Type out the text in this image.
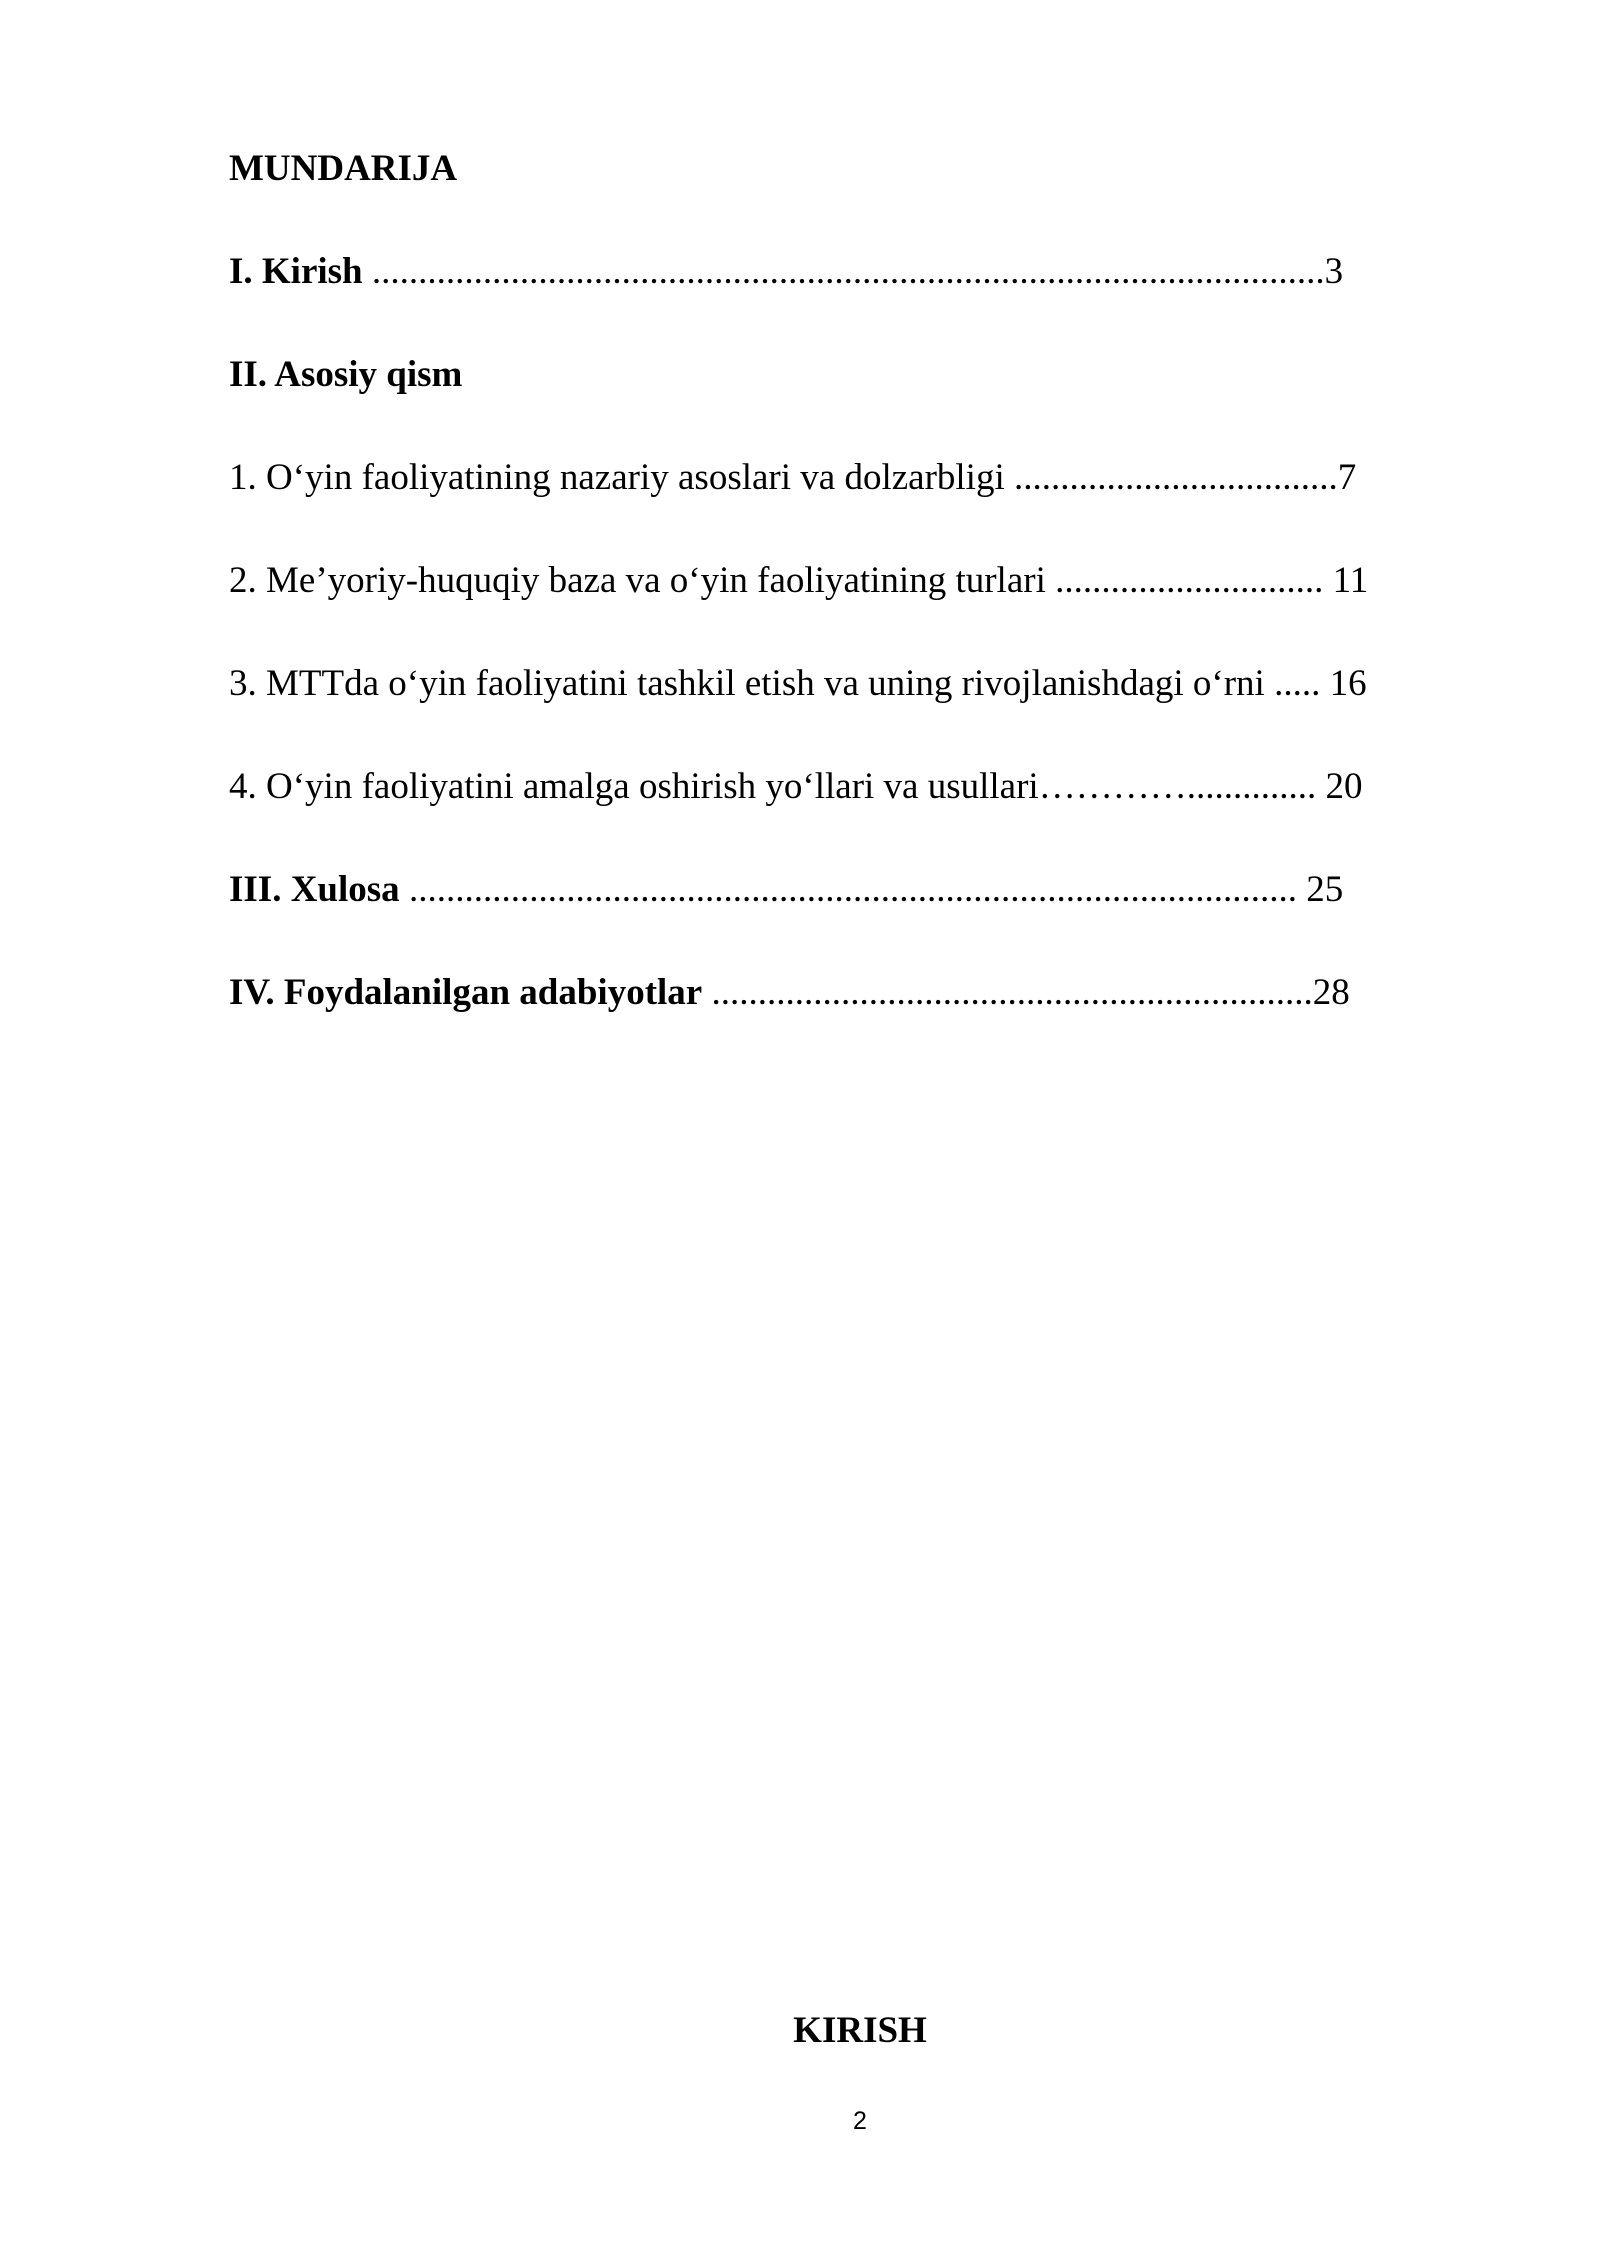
MUNDARIJA
I. Kirish .......................................................................................................3
II. Asosiy qism
1. O‘yin faoliyatining nazariy asoslari va dolzarbligi ...................................7
2. Me’yoriy-huquqiy baza va o‘yin faoliyatining turlari ............................. 11
3. MTTda o‘yin faoliyatini tashkil etish va uning rivojlanishdagi o‘rni ..... 16
4. O‘yin faoliyatini amalga oshirish yo‘llari va usullari………….............. 20
III. Xulosa ................................................................................................ 25
IV. Foydalanilgan adabiyotlar .................................................................28
KIRISH
2
